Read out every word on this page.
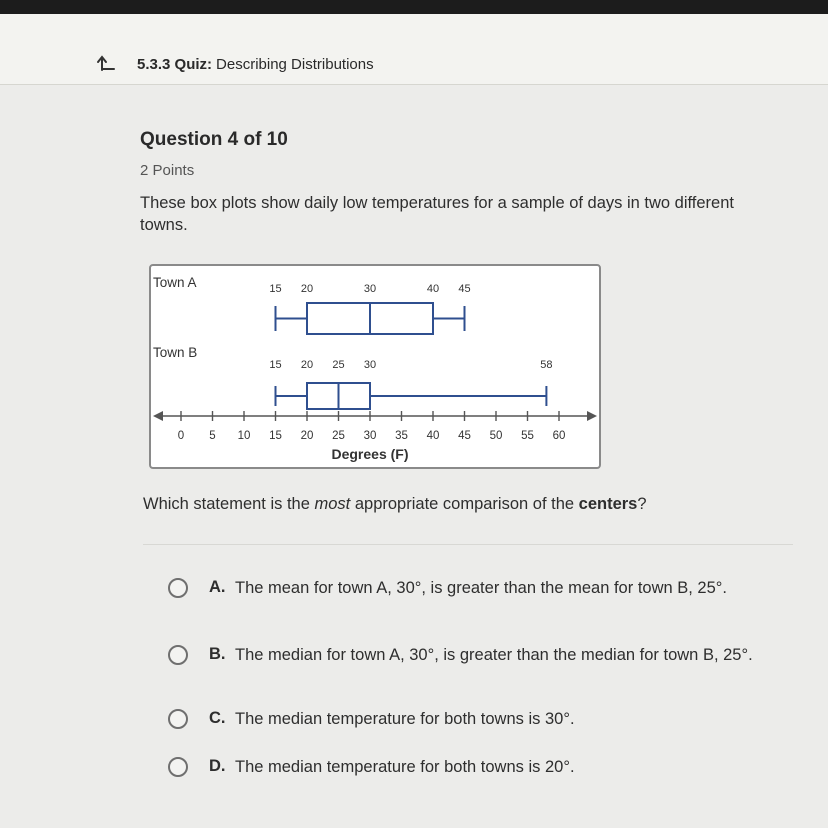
5.3.3 Quiz: Describing Distributions
Question 4 of 10
2 Points
These box plots show daily low temperatures for a sample of days in two different towns.
Town A	15 20	30	40 45
Town B
15 20 25 30	58
0 5 10 15 20 25 30 35 40 45 50 55 60
Degrees (F)
Which statement is the most appropriate comparison of the centers?
A. The mean for town A, 30°, is greater than the mean for town B, 25°.
B. The median for town A, 30°, is greater than the median for town B, 25°.
C. The median temperature for both towns is 30°.
D. The median temperature for both towns is 20°.
